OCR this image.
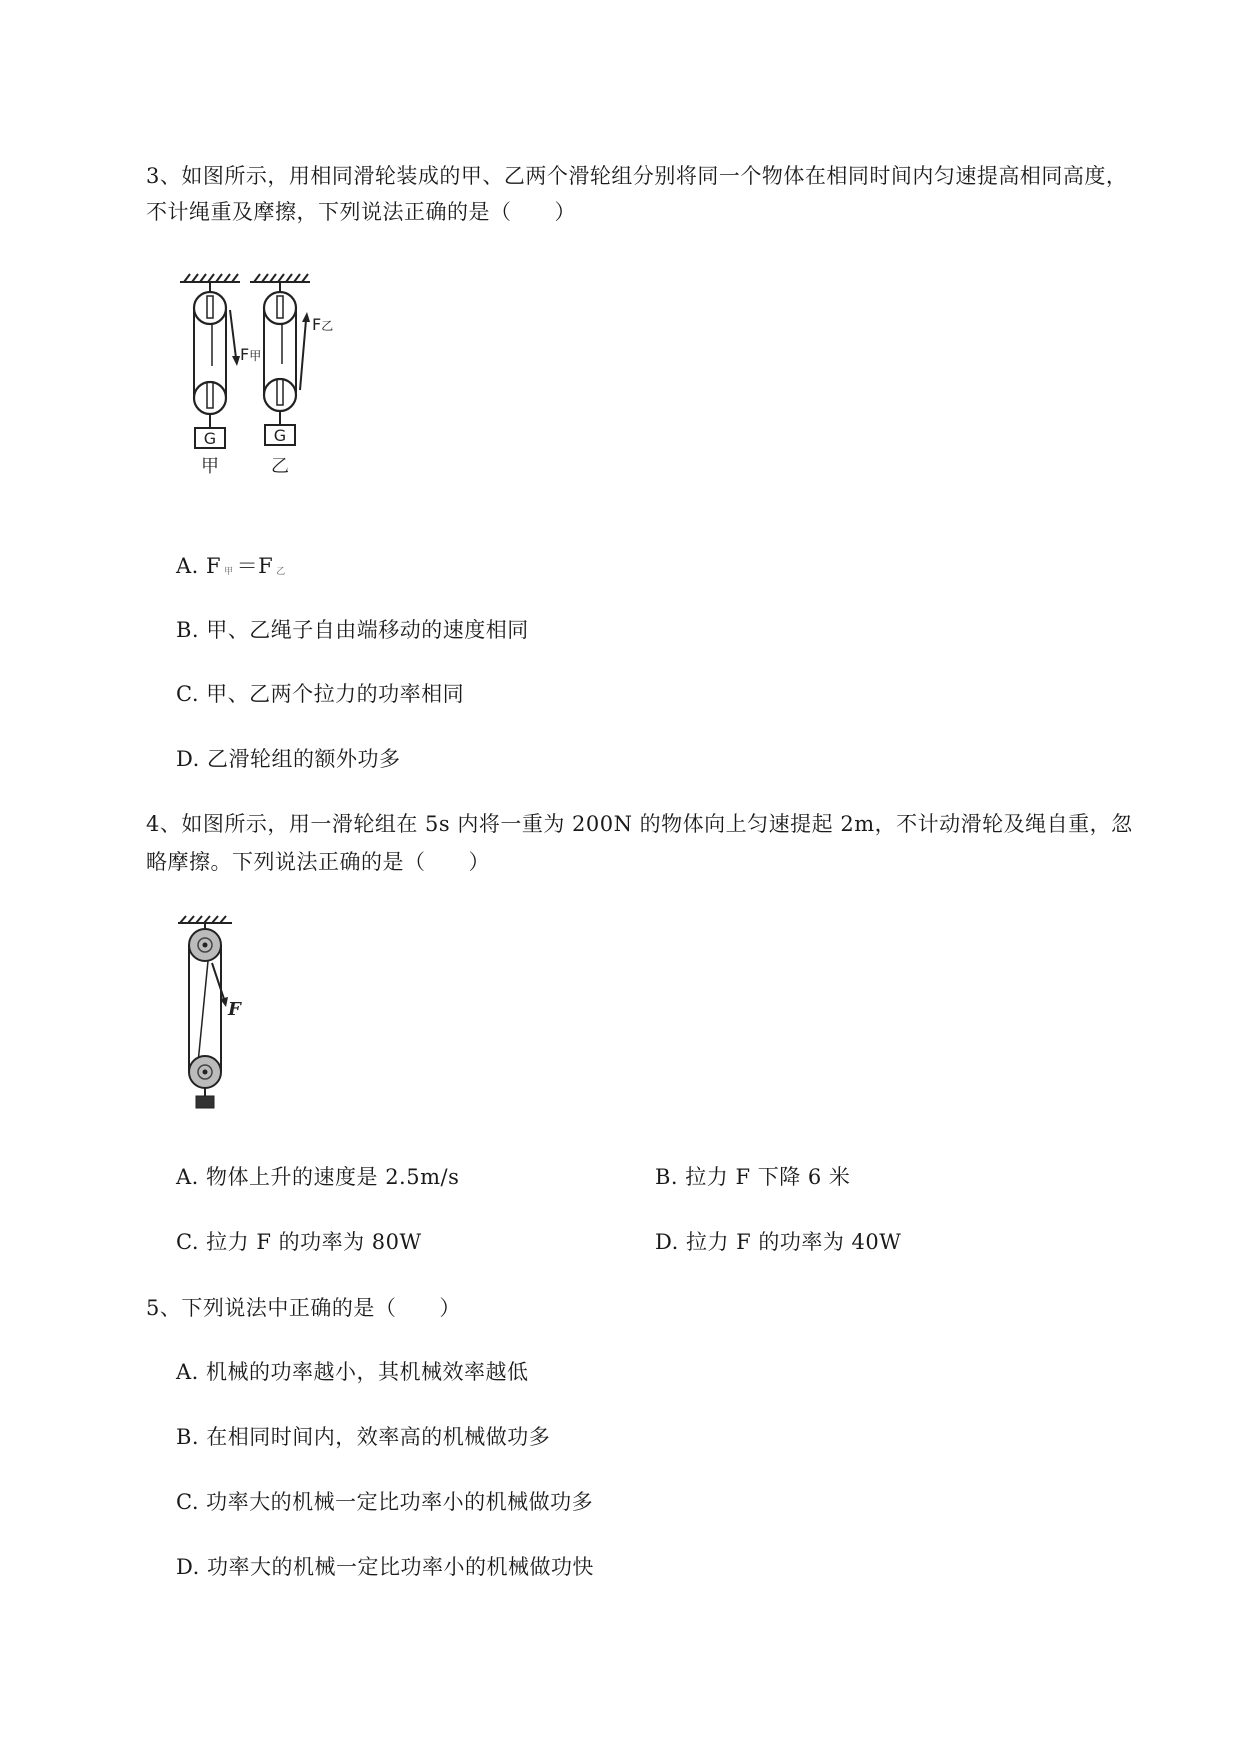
3、如图所示，用相同滑轮装成的甲、乙两个滑轮组分别将同一个物体在相同时间内匀速提高相同高度，
不计绳重及摩擦，下列说法正确的是（　　）
G
F甲
甲
G
F乙
乙
A. F 甲 ＝F 乙
B. 甲、乙绳子自由端移动的速度相同
C. 甲、乙两个拉力的功率相同
D. 乙滑轮组的额外功多
4、如图所示，用一滑轮组在 5s 内将一重为 200N 的物体向上匀速提起 2m，不计动滑轮及绳自重，忽
略摩擦。下列说法正确的是（　　）
F
A. 物体上升的速度是 2.5m/s	B. 拉力 F 下降 6 米
C. 拉力 F 的功率为 80W	D. 拉力 F 的功率为 40W
5、下列说法中正确的是（　　）
A. 机械的功率越小，其机械效率越低
B. 在相同时间内，效率高的机械做功多
C. 功率大的机械一定比功率小的机械做功多
D. 功率大的机械一定比功率小的机械做功快
